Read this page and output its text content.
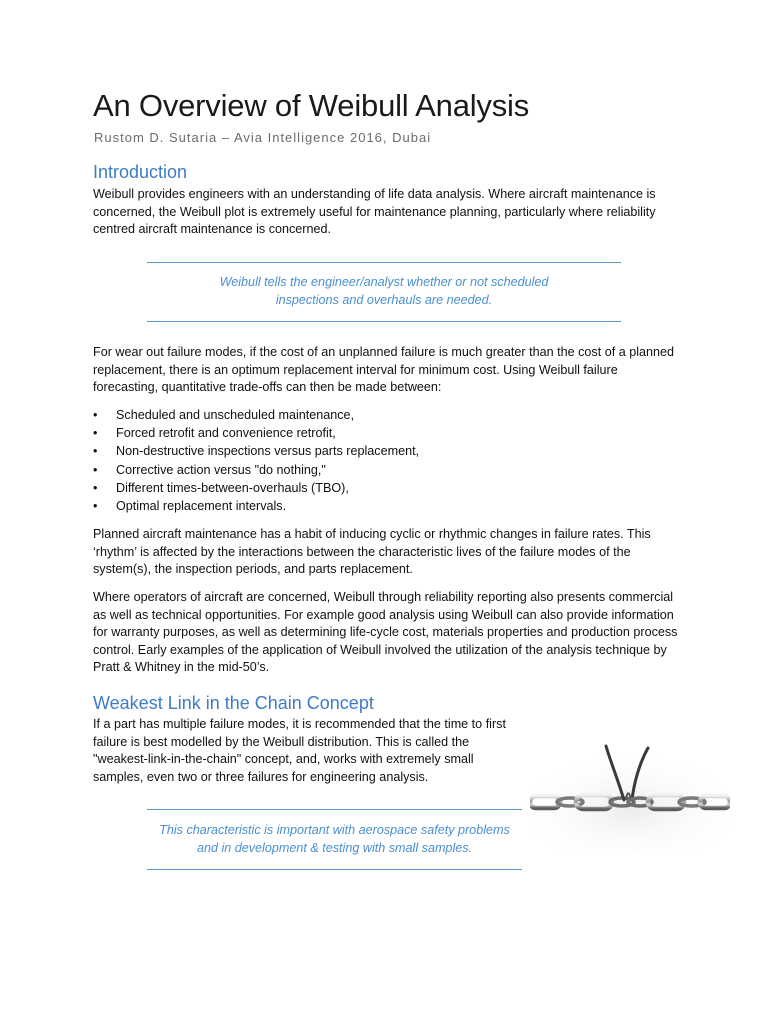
An Overview of Weibull Analysis
Rustom D. Sutaria – Avia Intelligence 2016, Dubai
Introduction

Weibull provides engineers with an understanding of life data analysis. Where aircraft maintenance is concerned, the Weibull plot is extremely useful for maintenance planning, particularly where reliability centred aircraft maintenance is concerned.

Weibull tells the engineer/analyst whether or not scheduled
inspections and overhauls are needed.

For wear out failure modes, if the cost of an unplanned failure is much greater than the cost of a planned replacement, there is an optimum replacement interval for minimum cost. Using Weibull failure forecasting, quantitative trade-offs can then be made between:

• Scheduled and unscheduled maintenance,
• Forced retrofit and convenience retrofit,
• Non-destructive inspections versus parts replacement,
• Corrective action versus "do nothing,"
• Different times-between-overhauls (TBO),
• Optimal replacement intervals.

Planned aircraft maintenance has a habit of inducing cyclic or rhythmic changes in failure rates. This ‘rhythm’ is affected by the interactions between the characteristic lives of the failure modes of the system(s), the inspection periods, and parts replacement.

Where operators of aircraft are concerned, Weibull through reliability reporting also presents commercial as well as technical opportunities. For example good analysis using Weibull can also provide information for warranty purposes, as well as determining life-cycle cost, materials properties and production process control. Early examples of the application of Weibull involved the utilization of the analysis technique by Pratt & Whitney in the mid-50’s.

Weakest Link in the Chain Concept

If a part has multiple failure modes, it is recommended that the time to first failure is best modelled by the Weibull distribution. This is called the "weakest-link-in-the-chain" concept, and, works with extremely small samples, even two or three failures for engineering analysis.

This characteristic is important with aerospace safety problems
and in development & testing with small samples.
